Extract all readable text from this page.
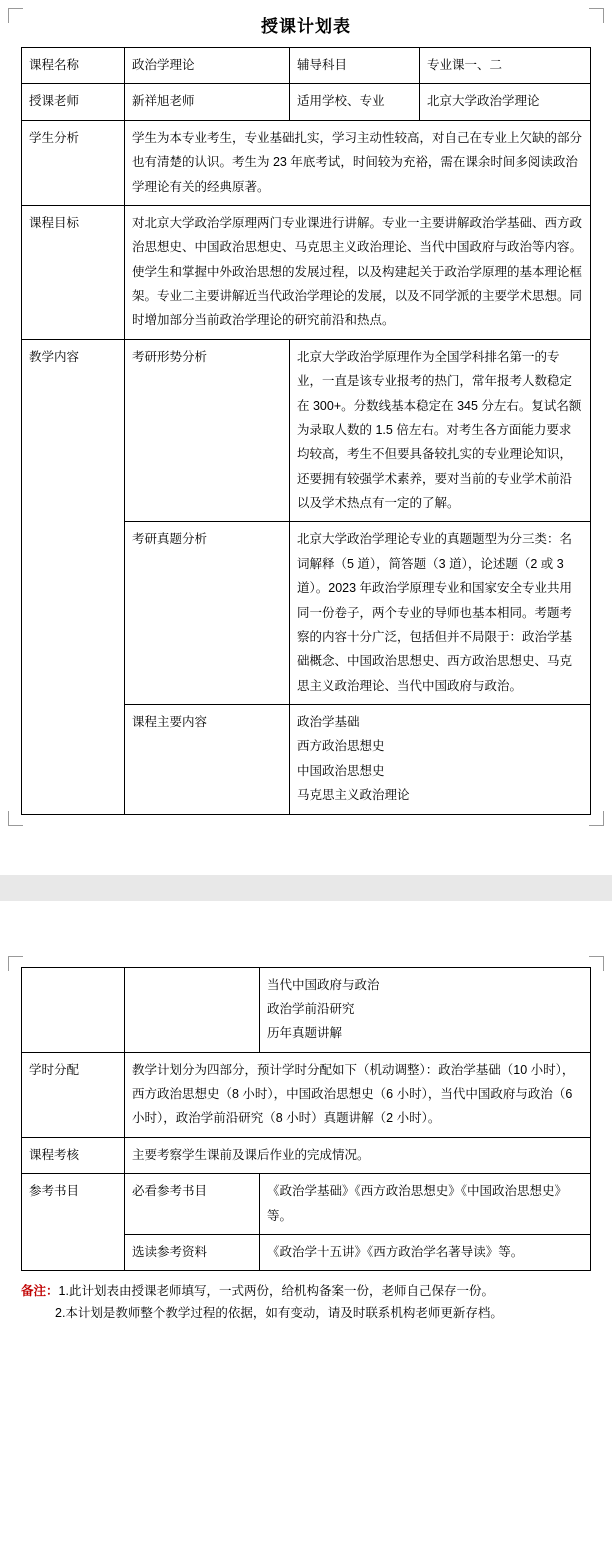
授课计划表
课程名称	政治学理论	辅导科目	专业课一、二
授课老师	新祥旭老师	适用学校、专业	北京大学政治学理论
学生分析	学生为本专业考生，专业基础扎实，学习主动性较高，对自己在专业上欠缺的部分也有清楚的认识。考生为 23 年底考试，时间较为充裕，需在课余时间多阅读政治学理论有关的经典原著。		
课程目标	对北京大学政治学原理两门专业课进行讲解。专业一主要讲解政治学基础、西方政治思想史、中国政治思想史、马克思主义政治理论、当代中国政府与政治等内容。使学生和掌握中外政治思想的发展过程，以及构建起关于政治学原理的基本理论框架。专业二主要讲解近当代政治学理论的发展，以及不同学派的主要学术思想。同时增加部分当前政治学理论的研究前沿和热点。		
教学内容	考研形势分析	北京大学政治学原理作为全国学科排名第一的专业，一直是该专业报考的热门，常年报考人数稳定在 300+。分数线基本稳定在 345 分左右。复试名额为录取人数的 1.5 倍左右。对考生各方面能力要求均较高，考生不但要具备较扎实的专业理论知识，还要拥有较强学术素养，要对当前的专业学术前沿以及学术热点有一定的了解。	
	考研真题分析	北京大学政治学理论专业的真题题型为分三类：名词解释（5 道），简答题（3 道），论述题（2 或 3 道）。2023 年政治学原理专业和国家安全专业共用同一份卷子，两个专业的导师也基本相同。考题考察的内容十分广泛，包括但并不局限于：政治学基础概念、中国政治思想史、西方政治思想史、马克思主义政治理论、当代中国政府与政治。	
	课程主要内容	政治学基础
西方政治思想史
中国政治思想史
马克思主义政治理论	

		当代中国政府与政治
政治学前沿研究
历年真题讲解

学时分配	教学计划分为四部分，预计学时分配如下（机动调整）：政治学基础（10 小时），西方政治思想史（8 小时），中国政治思想史（6 小时），当代中国政府与政治（6 小时），政治学前沿研究（8 小时）真题讲解（2 小时）。	
课程考核	主要考察学生课前及课后作业的完成情况。	
参考书目	必看参考书目	《政治学基础》《西方政治思想史》《中国政治思想史》等。
	选读参考资料	《政治学十五讲》《西方政治学名著导读》等。
备注：1.此计划表由授课老师填写，一式两份，给机构备案一份，老师自己保存一份。
2.本计划是教师整个教学过程的依据，如有变动，请及时联系机构老师更新存档。
